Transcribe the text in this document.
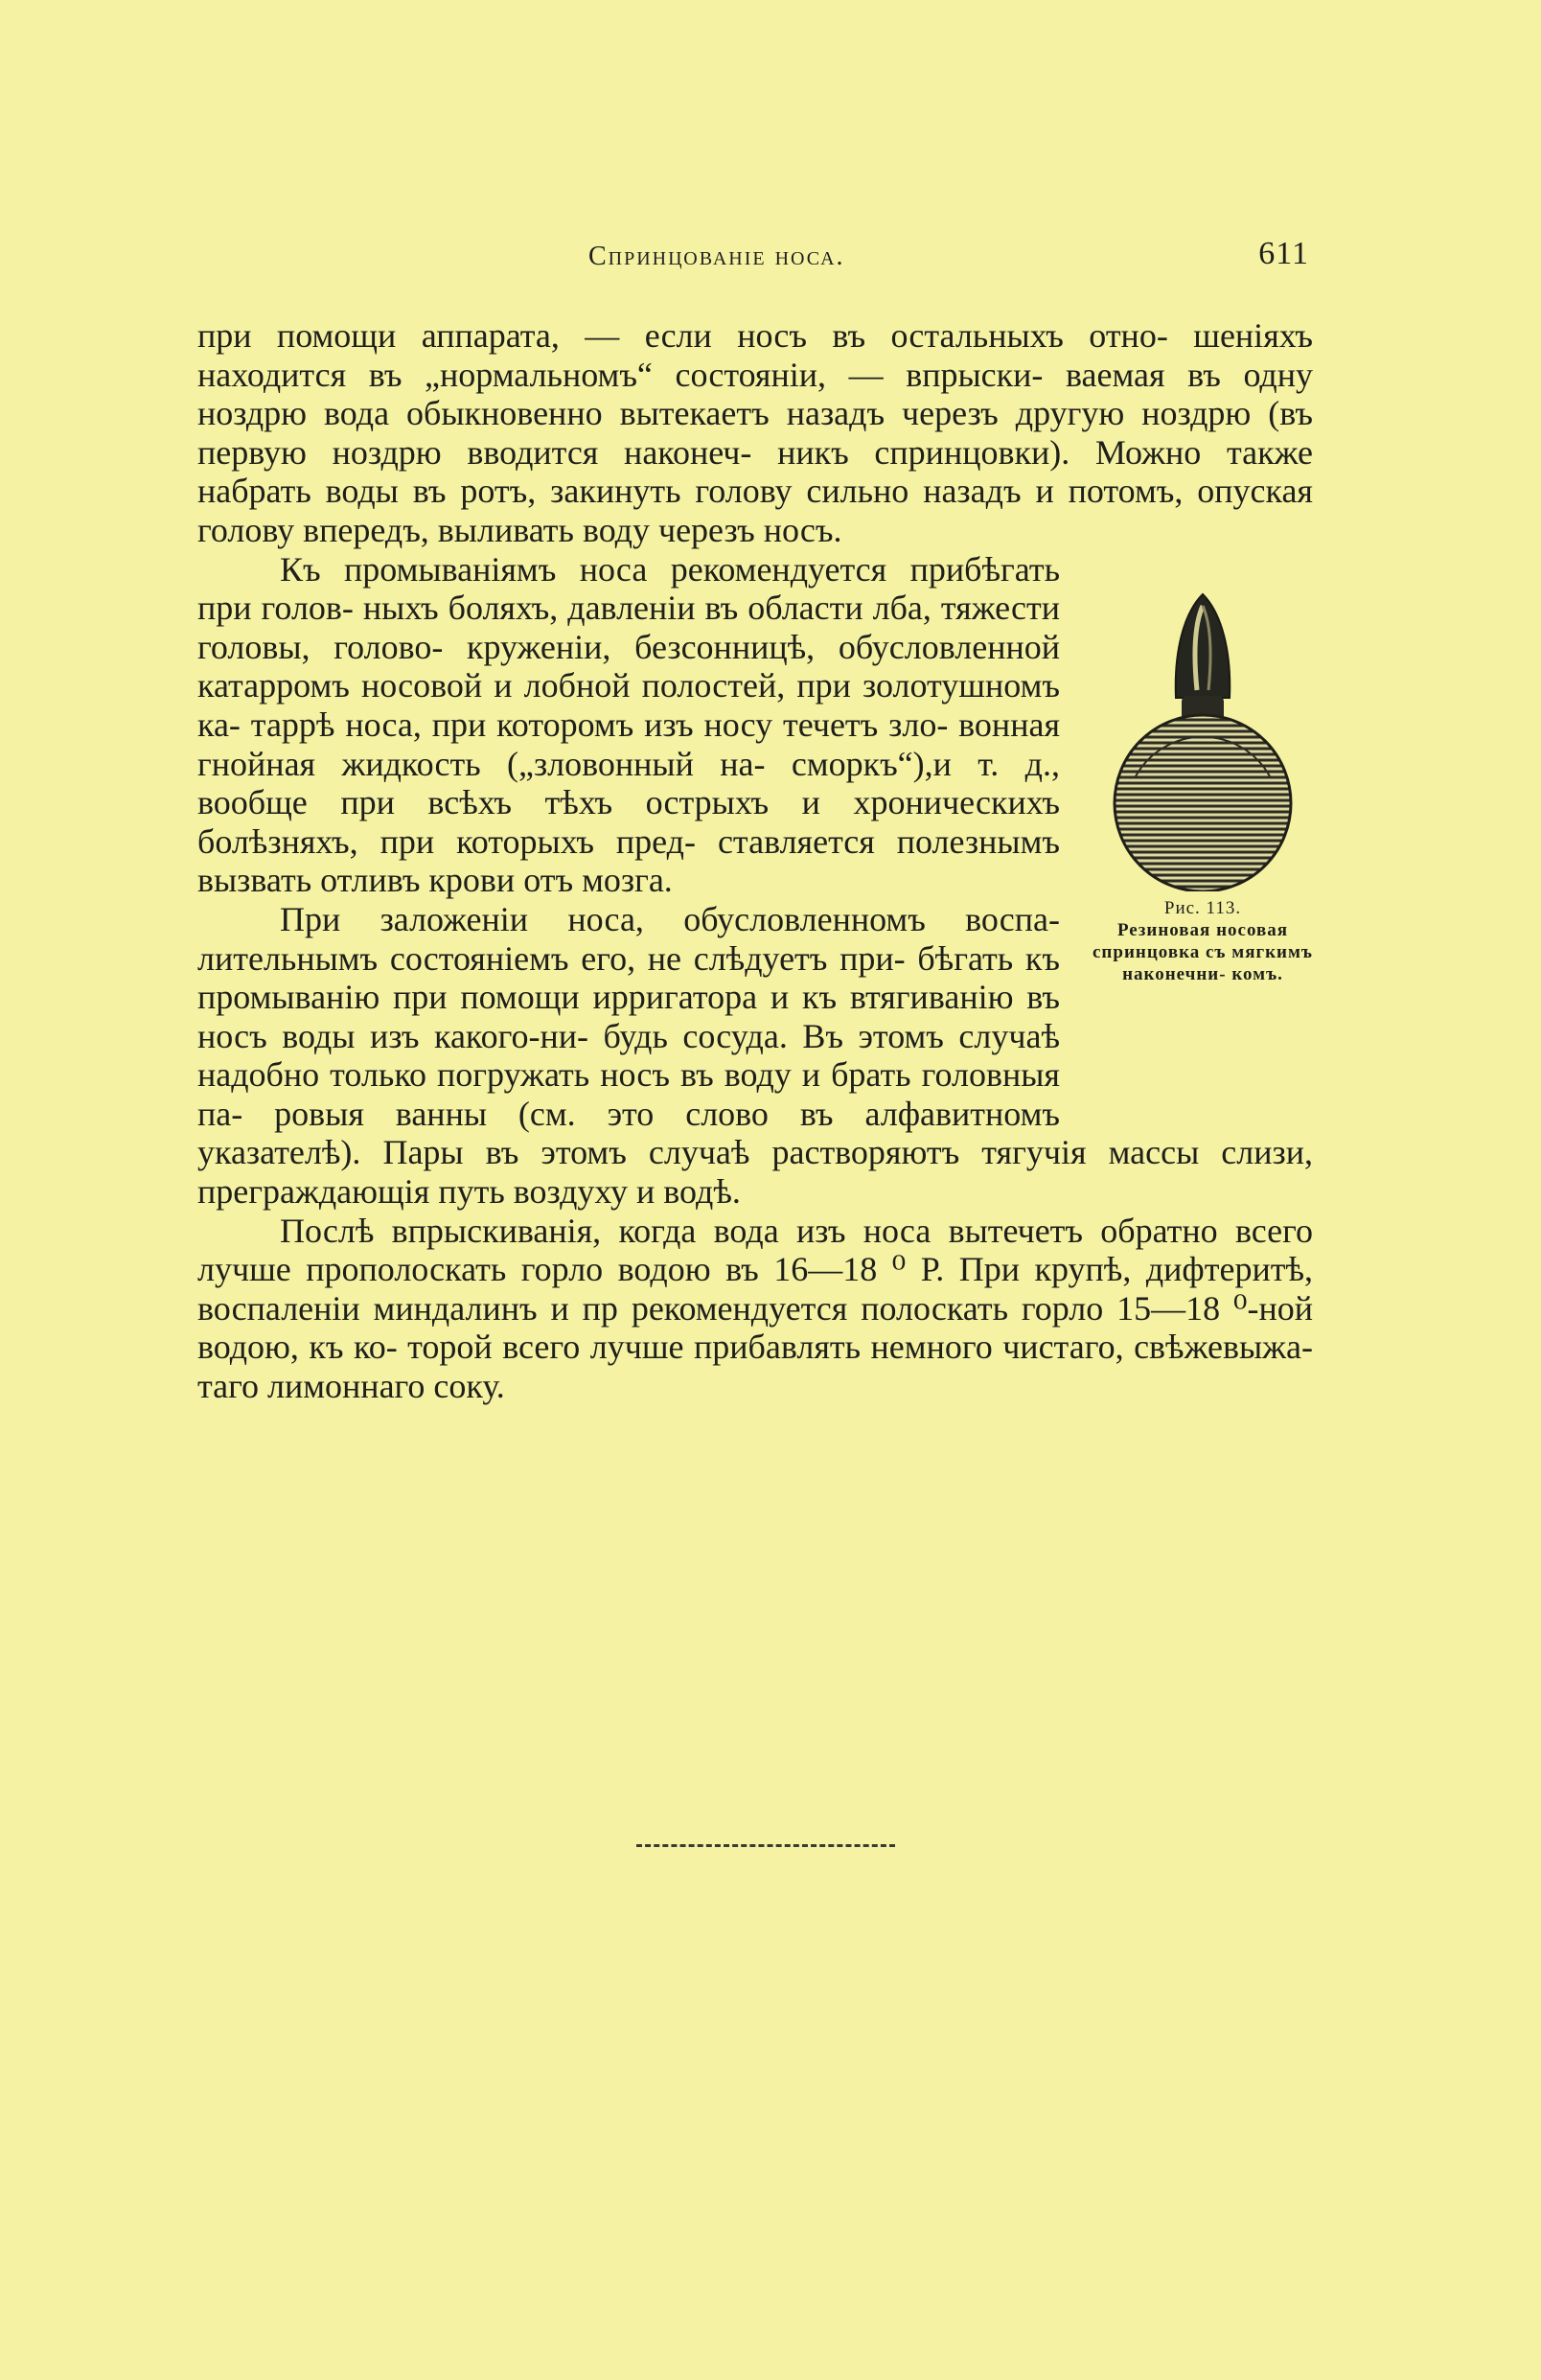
Спринцованіе носа.	611

при помощи аппарата, — если носъ въ остальныхъ отно- шеніяхъ находится въ „нормальномъ“ состояніи, — впрыски- ваемая въ одну ноздрю вода обыкновенно вытекаетъ назадъ черезъ другую ноздрю (въ первую ноздрю вводится наконеч- никъ спринцовки). Можно также набрать воды въ ротъ, закинуть голову сильно назадъ и потомъ, опуская голову впередъ, выливать воду черезъ носъ.

Рис. 113.
Резиновая носовая спринцовка съ мягкимъ наконечни- комъ.

Къ промыванiямъ носа рекомендуется прибѣгать при голов- ныхъ боляхъ, давленіи въ области лба, тяжести головы, голово- круженіи, безсонницѣ, обусловленной катарромъ носовой и лобной полостей, при золотушномъ ка- таррѣ носа, при которомъ изъ носу течетъ зло- вонная гнойная жидкость („зловонный на- сморкъ“),и т. д., вообще при всѣхъ тѣхъ острыхъ и хроническихъ болѣзняхъ, при которыхъ пред- ставляется полезнымъ вызвать отливъ крови отъ мозга.

При заложеніи носа, обусловленномъ воспа- лительнымъ состояніемъ его, не слѣдуетъ при- бѣгать къ промыванію при помощи ирригатора и къ втягиванію въ носъ воды изъ какого-ни- будь сосуда. Въ этомъ случаѣ надобно только погружать носъ въ воду и брать головныя па- ровыя ванны (см. это слово въ алфавитномъ указателѣ). Пары въ этомъ случаѣ растворяютъ тягучія массы слизи, преграждающія путь воздуху и водѣ.

Послѣ впрыскиванія, когда вода изъ носа вытечетъ обратно всего лучше прополоскать горло водою въ 16—18 ⁰ Р. При крупѣ, дифтеритѣ, воспаленіи миндалинъ и пр рекомендуется полоскать горло 15—18 ⁰-ной водою, къ ко- торой всего лучше прибавлять немного чистаго, свѣжевыжа- таго лимоннаго соку.
